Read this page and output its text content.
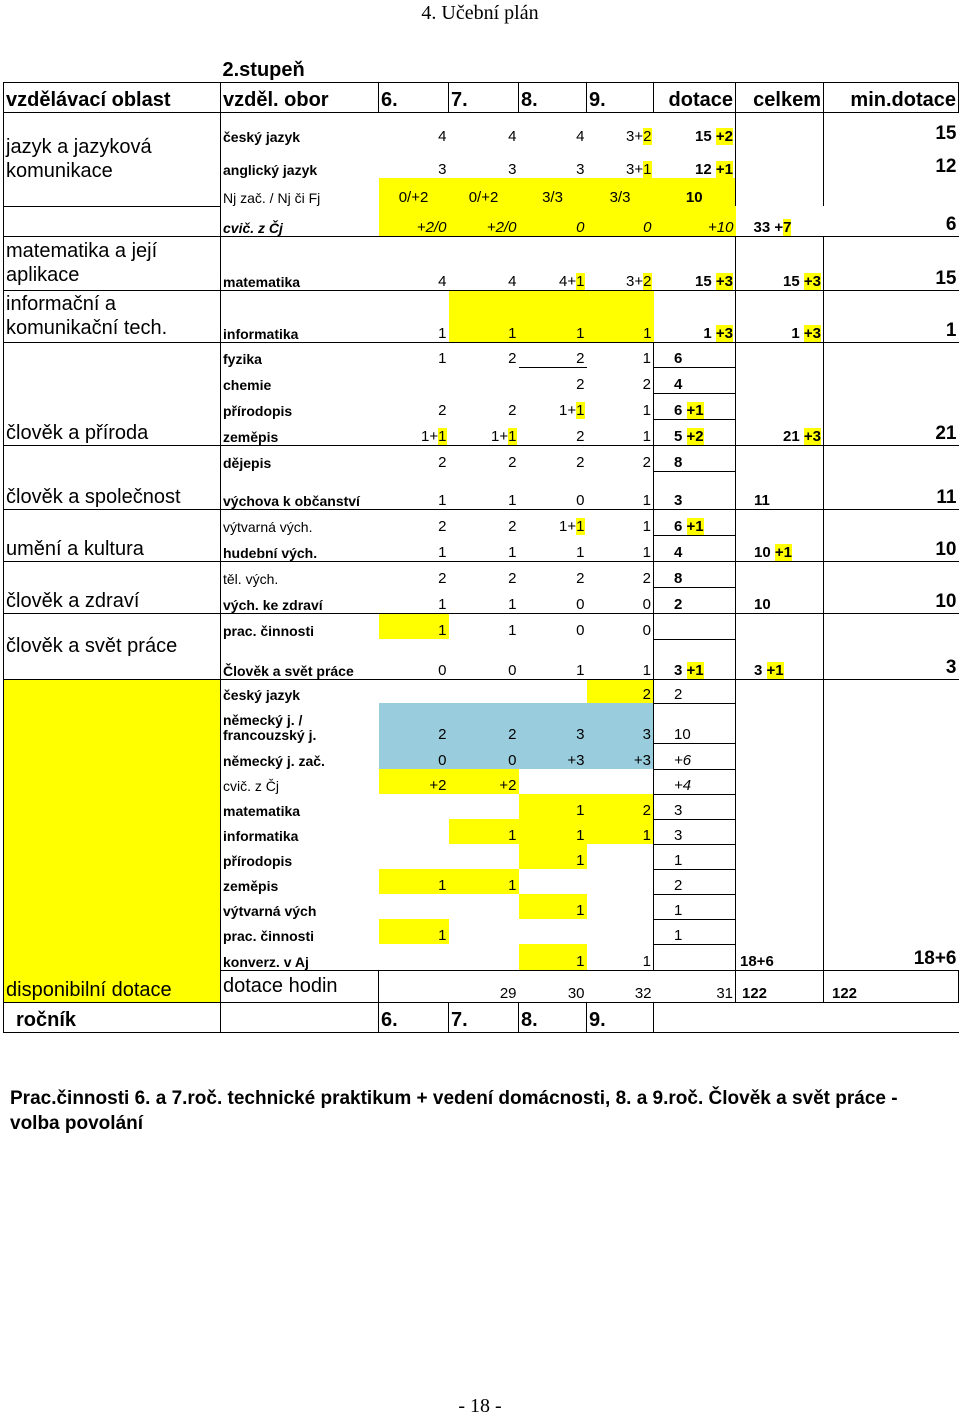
4. Učební plán
	2.stupeň								
vzdělávací oblast	vzděl. obor	6.	7.	8.	9.	dotace	celkem	min.dotace	
jazyk a jazyková komunikace	český jazyk	4	4	4	3+2	15 +2		15	
	anglický jazyk	3	3	3	3+1	12 +1		12	
	Nj zač. / Nj či Fj	0/+2	0/+2	3/3	3/3	10			
	cvič. z Čj	+2/0	+2/0	0	0	+10	33 +7	6	
matematika a její aplikace	matematika	4	4	4+1	3+2	15 +3	15 +3	15	
informační a komunikační tech.	informatika	1	1	1	1	1 +3	1 +3	1	
člověk a příroda	fyzika	1	2	2	1	6			
	chemie			2	2	4			
	přírodopis	2	2	1+1	1	6 +1			
	zeměpis	1+1	1+1	2	1	5 +2	21 +3	21	
člověk a společnost	dějepis	2	2	2	2	8			
	výchova k občanství	1	1	0	1	3	11	11	
umění a kultura	výtvarná vých.	2	2	1+1	1	6 +1			
	hudební vých.	1	1	1	1	4	10 +1	10	
člověk a zdraví	těl. vých.	2	2	2	2	8			
	vých. ke zdraví	1	1	0	0	2	10	10	
člověk a svět práce	prac. činnosti	1	1	0	0				
	Člověk a svět práce	0	0	1	1	3 +1	3 +1	3	
disponibilní dotace	český jazyk				2	2			
	německý j. / francouzský j.	2	2	3	3	10			
	německý j. zač.	0	0	+3	+3	+6			
	cvič. z Čj	+2	+2			+4			
	matematika			1	2	3			
	informatika		1	1	1	3			
	přírodopis			1		1			
	zeměpis	1	1			2			
	výtvarná vých			1		1			
	prac. činnosti	1				1			
	konverz. v Aj			1	1		18+6	18+6	
	dotace hodin		29	30	32	31	122	122	
ročník		6.	7.	8.	9.				
Prac.činnosti 6. a 7.roč. technické praktikum + vedení domácnosti, 8. a 9.roč. Člověk a svět práce - volba povolání
- 18 -
